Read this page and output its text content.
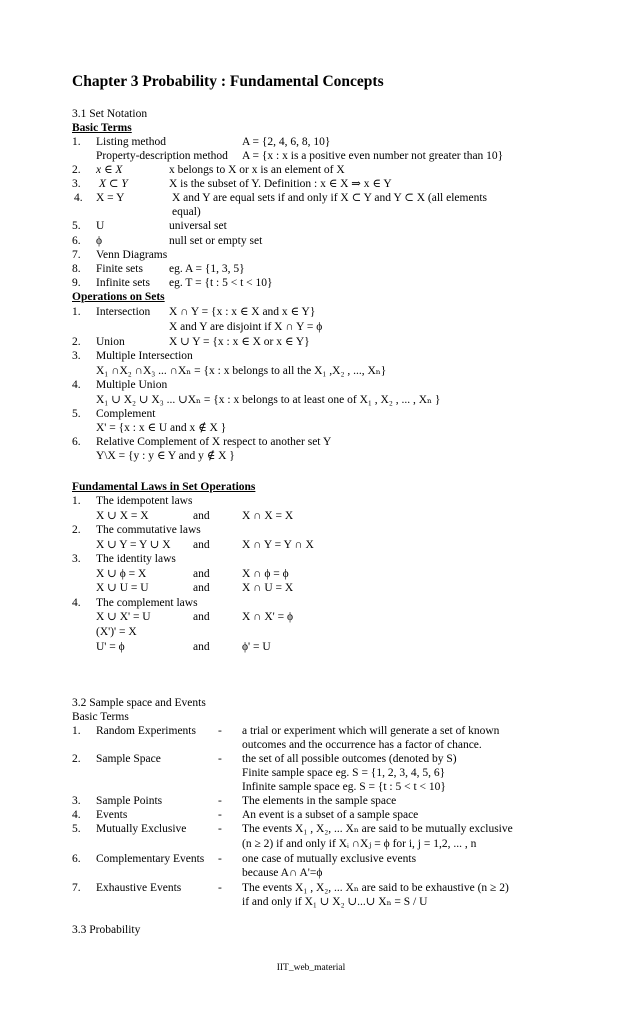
Chapter 3 Probability : Fundamental Concepts
3.1 Set Notation
Basic Terms
1. Listing method	A = {2, 4, 6, 8, 10}
Property-description method A = {x : x is a positive even number not greater than 10}
2. x ∈ X	x belongs to X or x is an element of X
3. X ⊂ Y	X is the subset of Y. Definition : x ∈ X ⇒ x ∈ Y
4. X = Y	X and Y are equal sets if and only if X ⊂ Y and Y ⊂ X (all elements
equal)
5. U	universal set
6. ϕ	null set or empty set
7. Venn Diagrams
8. Finite sets eg. A = {1, 3, 5}
9. Infinite sets eg. T = {t : 5 < t < 10}
Operations on Sets
1. Intersection X ∩ Y = {x : x ∈ X and x ∈ Y}
X and Y are disjoint if X ∩ Y = ϕ
2. Union	X ∪ Y = {x : x ∈ X or x ∈ Y}
3. Multiple Intersection
X₁ ∩X₂ ∩X₃ ... ∩Xₙ = {x : x belongs to all the X₁ ,X₂ , ..., Xₙ}
4. Multiple Union
X₁ ∪ X₂ ∪ X₃ ... ∪Xₙ = {x : x belongs to at least one of X₁ , X₂ , ... , Xₙ }
5. Complement
X' = {x : x ∈ U and x ∉ X }
6. Relative Complement of X respect to another set Y
Y\X = {y : y ∈ Y and y ∉ X }
Fundamental Laws in Set Operations
1. The idempotent laws
X ∪ X = X	and	X ∩ X = X
2. The commutative laws
X ∪ Y = Y ∪ X and	X ∩ Y = Y ∩ X
3. The identity laws
X ∪ ϕ = X	and	X ∩ ϕ = ϕ
X ∪ U = U	and	X ∩ U = X
4. The complement laws
X ∪ X' = U	and	X ∩ X' = ϕ
(X')' = X
U' = ϕ	and	ϕ' = U
3.2 Sample space and Events
Basic Terms
1. Random Experiments - a trial or experiment which will generate a set of known
outcomes and the occurrence has a factor of chance.
2. Sample Space	- the set of all possible outcomes (denoted by S)
Finite sample space eg. S = {1, 2, 3, 4, 5, 6}
Infinite sample space eg. S = {t : 5 < t < 10}
3. Sample Points	- The elements in the sample space
4. Events	- An event is a subset of a sample space
5. Mutually Exclusive	- The events X₁ , X₂, ... Xₙ are said to be mutually exclusive
(n ≥ 2) if and only if Xᵢ ∩Xⱼ = ϕ for i, j = 1,2, ... , n
6. Complementary Events - one case of mutually exclusive events
because A∩ A'=ϕ
7. Exhaustive Events	- The events X₁ , X₂, ... Xₙ are said to be exhaustive (n ≥ 2)
if and only if X₁ ∪ X₂ ∪...∪ Xₙ = S / U
3.3 Probability
IIT_web_material
